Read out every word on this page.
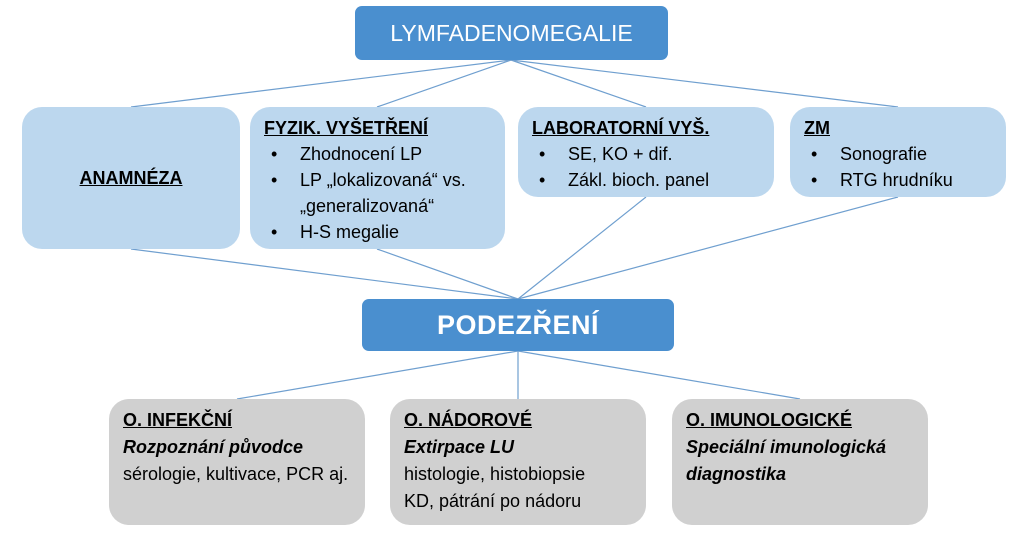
LYMFADENOMEGALIE
ANAMNÉZA
FYZIK. VYŠETŘENÍ
• Zhodnocení LP
• LP „lokalizovaná“ vs. „generalizovaná“
• H-S megalie
LABORATORNÍ VYŠ.
• SE, KO + dif.
• Zákl. bioch. panel
ZM
• Sonografie
• RTG hrudníku
PODEZŘENÍ
O. INFEKČNÍ
Rozpoznání původce
sérologie, kultivace, PCR aj.
O. NÁDOROVÉ
Extirpace LU
histologie, histobiopsie
KD, pátrání po nádoru
O. IMUNOLOGICKÉ
Speciální imunologická diagnostika
